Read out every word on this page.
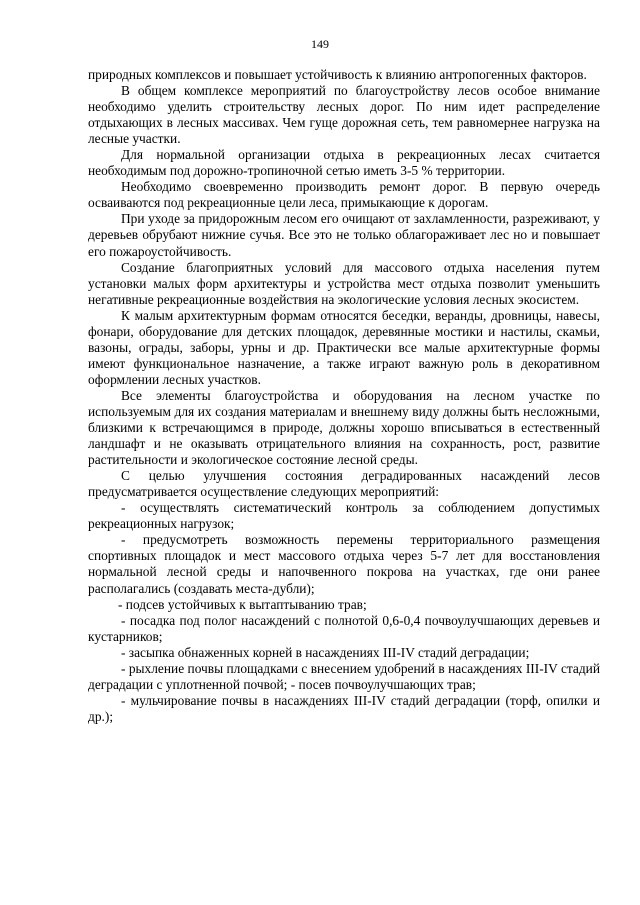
149

природных комплексов и повышает устойчивость к влиянию антропогенных факторов.

В общем комплексе мероприятий по благоустройству лесов особое внимание необходимо уделить строительству лесных дорог. По ним идет распределение отдыхающих в лесных массивах. Чем гуще дорожная сеть, тем равномернее нагрузка на лесные участки.

Для нормальной организации отдыха в рекреационных лесах считается необходимым под дорожно-тропиночной сетью иметь 3-5 % территории.

Необходимо своевременно производить ремонт дорог. В первую очередь осваиваются под рекреационные цели леса, примыкающие к дорогам.

При уходе за придорожным лесом его очищают от захламленности, разреживают, у деревьев обрубают нижние сучья. Все это не только облагораживает лес но и повышает его пожароустойчивость.

Создание благоприятных условий для массового отдыха населения путем установки малых форм архитектуры и устройства мест отдыха позволит уменьшить негативные рекреационные воздействия на экологические условия лесных экосистем.

К малым архитектурным формам относятся беседки, веранды, дровницы, навесы, фонари, оборудование для детских площадок, деревянные мостики и настилы, скамьи, вазоны, ограды, заборы, урны и др. Практически все малые архитектурные формы имеют функциональное назначение, а также играют важную роль в декоративном оформлении лесных участков.

Все элементы благоустройства и оборудования на лесном участке по используемым для их создания материалам и внешнему виду должны быть несложными, близкими к встречающимся в природе, должны хорошо вписываться в естественный ландшафт и не оказывать отрицательного влияния на сохранность, рост, развитие растительности и экологическое состояние лесной среды.

С целью улучшения состояния деградированных насаждений лесов предусматривается осуществление следующих мероприятий:

- осуществлять систематический контроль за соблюдением допустимых рекреационных нагрузок;

- предусмотреть возможность перемены территориального размещения спортивных площадок и мест массового отдыха через 5-7 лет для восстановления нормальной лесной среды и напочвенного покрова на участках, где они ранее располагались (создавать места-дубли);

- подсев устойчивых к вытаптыванию трав;

- посадка под полог насаждений с полнотой 0,6-0,4 почвоулучшающих деревьев и кустарников;

- засыпка обнаженных корней в насаждениях III-IV стадий деградации;

- рыхление почвы площадками с внесением удобрений в насаждениях III-IV стадий деградации с уплотненной почвой; - посев почвоулучшающих трав;

- мульчирование почвы в насаждениях III-IV стадий деградации (торф, опилки и др.);
